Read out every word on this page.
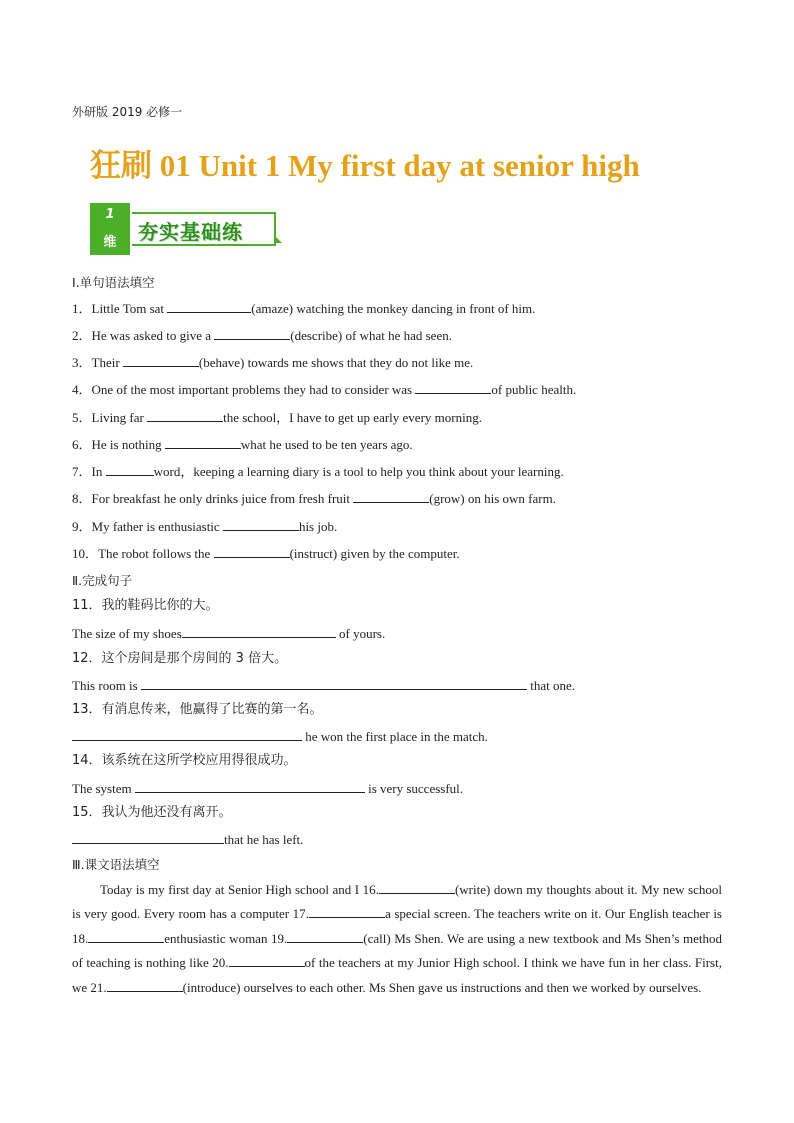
外研版 2019 必修一
狂刷 01 Unit 1 My first day at senior high
1
维	夯实基础练
Ⅰ.单句语法填空
1．Little Tom sat	(amaze) watching the monkey dancing in front of him.
2．He was asked to give a	(describe) of what he had seen.
3．Their	(behave) towards me shows that they do not like me.
4．One of the most important problems they had to consider was	of public health.
5．Living far	the school，I have to get up early every morning.
6．He is nothing	what he used to be ten years ago.
7．In	word，keeping a learning diary is a tool to help you think about your learning.
8．For breakfast he only drinks juice from fresh fruit	(grow) on his own farm.
9．My father is enthusiastic	his job.
10．The robot follows the	(instruct) given by the computer.
Ⅱ.完成句子
11．我的鞋码比你的大。
The size of my shoes	of yours.
12．这个房间是那个房间的 3 倍大。
This room is	that one.
13．有消息传来，他赢得了比赛的第一名。
he won the first place in the match.
14．该系统在这所学校应用得很成功。
The system	is very successful.
15．我认为他还没有离开。
that he has left.
Ⅲ.课文语法填空
Today is my first day at Senior High school and I 16.	(write) down my thoughts about it. My new school is very good. Every room has a computer 17.	a special screen. The teachers write on it. Our English teacher is 18.	enthusiastic woman 19.	(call) Ms Shen. We are using a new textbook and Ms Shen’s method of teaching is nothing like 20.	of the teachers at my Junior High school. I think we have fun in her class. First, we 21.	(introduce) ourselves to each other. Ms Shen gave us instructions and then we worked by ourselves.
